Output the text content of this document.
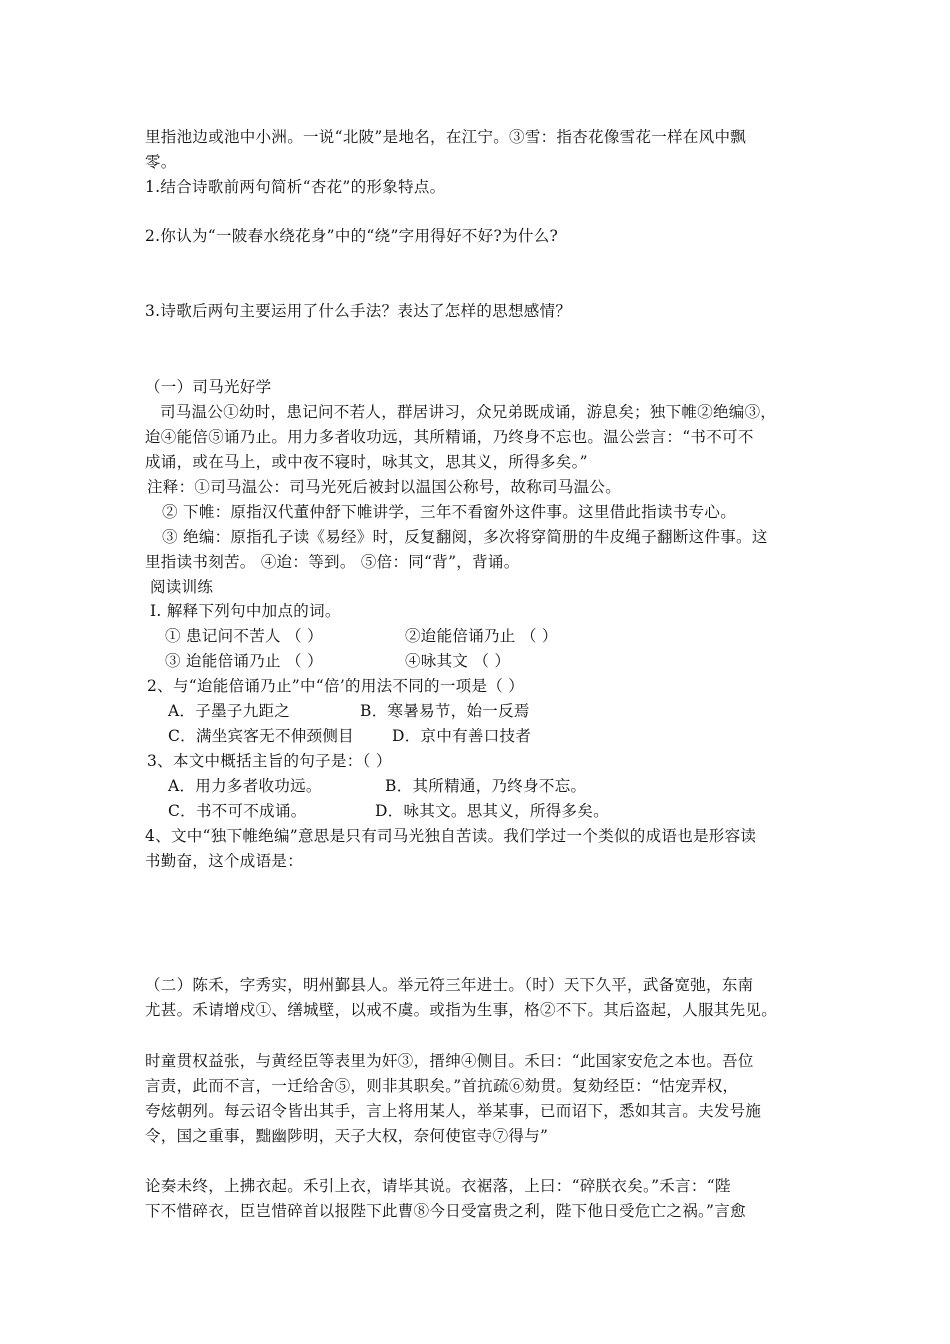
里指池边或池中小洲。一说“北陂”是地名，在江宁。③雪：指杏花像雪花一样在风中飘
零。
1.结合诗歌前两句简析“杏花”的形象特点。
2.你认为“一陂春水绕花身”中的“绕”字用得好不好?为什么?
3.诗歌后两句主要运用了什么手法？表达了怎样的思想感情？
（一）司马光好学
司马温公①幼时，患记问不若人，群居讲习，众兄弟既成诵，游息矣；独下帷②绝编③，
迨④能倍⑤诵乃止。用力多者收功远，其所精诵，乃终身不忘也。温公尝言：“书不可不
成诵，或在马上，或中夜不寝时，咏其文，思其义，所得多矣。”
注释：①司马温公：司马光死后被封以温国公称号，故称司马温公。
② 下帷：原指汉代董仲舒下帷讲学，三年不看窗外这件事。这里借此指读书专心。
③ 绝编：原指孔子读《易经》时，反复翻阅，多次将穿简册的牛皮绳子翻断这件事。这
里指读书刻苦。 ④迨：等到。 ⑤倍：同“背”，背诵。
阅读训练
I. 解释下列句中加点的词。
① 患记问不苦人 （ ）	②迨能倍诵乃止 （ ）
③ 迨能倍诵乃止 （ ）	④咏其文 （ ）
2、与“迨能倍诵乃止”中“倍’的用法不同的一项是（ ）
A．子墨子九距之	B．寒暑易节，始一反焉
C．满坐宾客无不伸颈侧目 D．京中有善口技者
3、本文中概括主旨的句子是：（ ）
A．用力多者收功远。	B．其所精通，乃终身不忘。
C．书不可不成诵。	D．咏其文。思其义，所得多矣。
4、文中“独下帷绝编”意思是只有司马光独自苦读。我们学过一个类似的成语也是形容读
书勤奋，这个成语是：
（二）陈禾，字秀实，明州鄞县人。举元符三年进士。（时）天下久平，武备宽弛，东南
尤甚。禾请增戍①、缮城壁，以戒不虞。或指为生事，格②不下。其后盗起，人服其先见。
时童贯权益张，与黄经臣等表里为奸③，搢绅④侧目。禾曰：“此国家安危之本也。吾位
言责，此而不言，一迁给舍⑤，则非其职矣。”首抗疏⑥劾贯。复劾经臣：“怙宠弄权，
夸炫朝列。每云诏令皆出其手，言上将用某人，举某事，已而诏下，悉如其言。夫发号施
令，国之重事，黜幽陟明，天子大权，奈何使宦寺⑦得与”
论奏未终，上拂衣起。禾引上衣，请毕其说。衣裾落，上曰：“碎朕衣矣。”禾言：“陛
下不惜碎衣，臣岂惜碎首以报陛下此曹⑧今日受富贵之利，陛下他日受危亡之祸。”言愈
